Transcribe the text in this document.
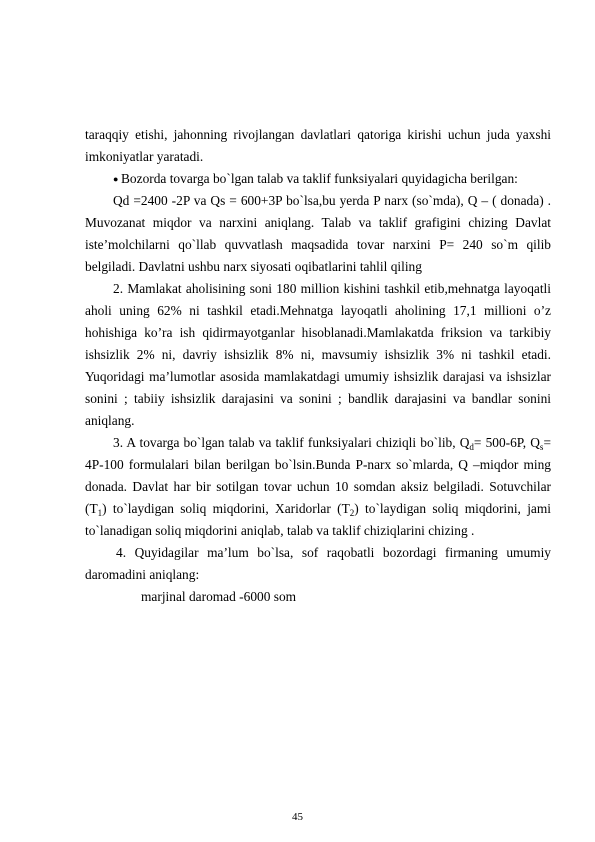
taraqqiy etishi, jahonning rivojlangan davlatlari qatoriga kirishi uchun juda yaxshi imkoniyatlar yaratadi.

● Bozorda tovarga bo`lgan talab va taklif funksiyalari quyidagicha berilgan:

Qd =2400 -2P va Qs = 600+3P bo`lsa,bu yerda P narx (so`mda), Q – ( donada) . Muvozanat miqdor va narxini aniqlang. Talab va taklif grafigini chizing Davlat iste’molchilarni qo`llab quvvatlash maqsadida tovar narxini P= 240 so`m qilib belgiladi. Davlatni ushbu narx siyosati oqibatlarini tahlil qiling

2. Mamlakat aholisining soni 180 million kishini tashkil etib,mehnatga layoqatli aholi uning 62% ni tashkil etadi.Mehnatga layoqatli aholining 17,1 millioni o’z hohishiga ko’ra ish qidirmayotganlar hisoblanadi.Mamlakatda friksion va tarkibiy ishsizlik 2% ni, davriy ishsizlik 8% ni, mavsumiy ishsizlik 3% ni tashkil etadi. Yuqoridagi ma’lumotlar asosida mamlakatdagi umumiy ishsizlik darajasi va ishsizlar sonini ; tabiiy ishsizlik darajasini va sonini ; bandlik darajasini va bandlar sonini aniqlang.

3. A tovarga bo`lgan talab va taklif funksiyalari chiziqli bo`lib, $Q_d= 500-6P$, $Q_s= 4P-100$ formulalari bilan berilgan bo`lsin.Bunda P-narx so`mlarda, Q –miqdor ming donada. Davlat har bir sotilgan tovar uchun 10 somdan aksiz belgiladi. Sotuvchilar $(T_1)$ to`laydigan soliq miqdorini, Xaridorlar $(T_2)$ to`laydigan soliq miqdorini, jami to`lanadigan soliq miqdorini aniqlab, talab va taklif chiziqlarini chizing .

4. Quyidagilar ma’lum bo`lsa, sof raqobatli bozordagi firmaning umumiy daromadini aniqlang:

marjinal daromad -6000 som

45
